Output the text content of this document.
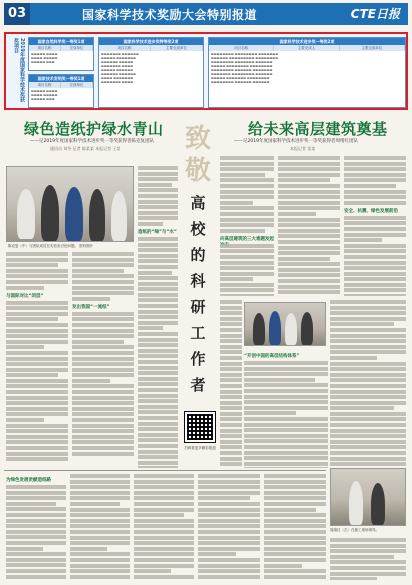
03	国家科学技术奖励大会特别报道	CTE日报
2019年度国家科学技术奖获奖项目	国家自然科学奖一等奖1项
项目名称	完成单位
▬▬▬▬▬ ▬▬▬▬
▬▬▬▬ ▬▬▬▬▬
▬▬▬▬▬ ▬▬▬
国家技术发明奖一等奖1项
项目名称	完成单位
▬▬▬▬▬ ▬▬▬▬
▬▬▬▬ ▬▬▬▬▬
▬▬▬▬▬ ▬▬▬
国家科学技术进步奖特等奖2项
项目名称	主要完成单位
▬▬▬▬▬▬▬ ▬▬▬▬▬▬
▬▬▬▬▬ ▬▬▬▬▬▬▬
▬▬▬▬▬▬ ▬▬▬▬▬
▬▬▬▬▬▬▬ ▬▬▬▬
▬▬▬▬▬ ▬▬▬▬▬▬
▬▬▬▬▬▬ ▬▬▬▬▬▬
▬▬▬▬ ▬▬▬▬▬▬▬
▬▬▬▬▬▬▬ ▬▬▬▬
国家科学技术进步奖一等奖2项
项目名称	主要完成人	主要完成单位
▬▬▬▬▬▬▬▬ ▬▬▬▬▬▬▬▬ ▬▬▬▬▬▬▬
▬▬▬▬▬▬ ▬▬▬▬▬▬▬▬▬ ▬▬▬▬▬▬▬▬
▬▬▬▬▬▬▬▬ ▬▬▬▬▬▬▬ ▬▬▬▬▬▬
▬▬▬▬▬ ▬▬▬▬▬▬▬▬ ▬▬▬▬▬▬▬▬
▬▬▬▬▬▬▬▬ ▬▬▬▬▬▬ ▬▬▬▬▬▬▬
▬▬▬▬▬▬▬ ▬▬▬▬▬▬▬▬ ▬▬▬▬▬▬
▬▬▬▬▬ ▬▬▬▬▬▬▬ ▬▬▬▬▬▬▬▬
▬▬▬▬▬▬▬▬ ▬▬▬▬▬▬ ▬▬▬▬▬▬
绿色造纸护绿水青山
——记2019年度国家科学技术进步奖一等奖获得者陈克复团队
通讯员 刘冬 记者 陈某某 本报记者 王某
给未来高层建筑奠基
——记2019年度国家科学技术进步奖一等奖获得者周绪红团队
本报记者 雷某
陈克复（中）与团队成员在实验室讨论问题。 资料图片
与国际对比“闭层”
发出我国“一流纸”
造纸的“绿”与“水”
致
敬
高
校
的
科
研
工
作
者
扫码看更多精彩报道
向高层建筑的三大难题发起
安全、抗震、绿色发展前沿
“开创中国的高层结构体系”
周绪红（左）在施工现场指导。
为绿色发展贡献造纸路
